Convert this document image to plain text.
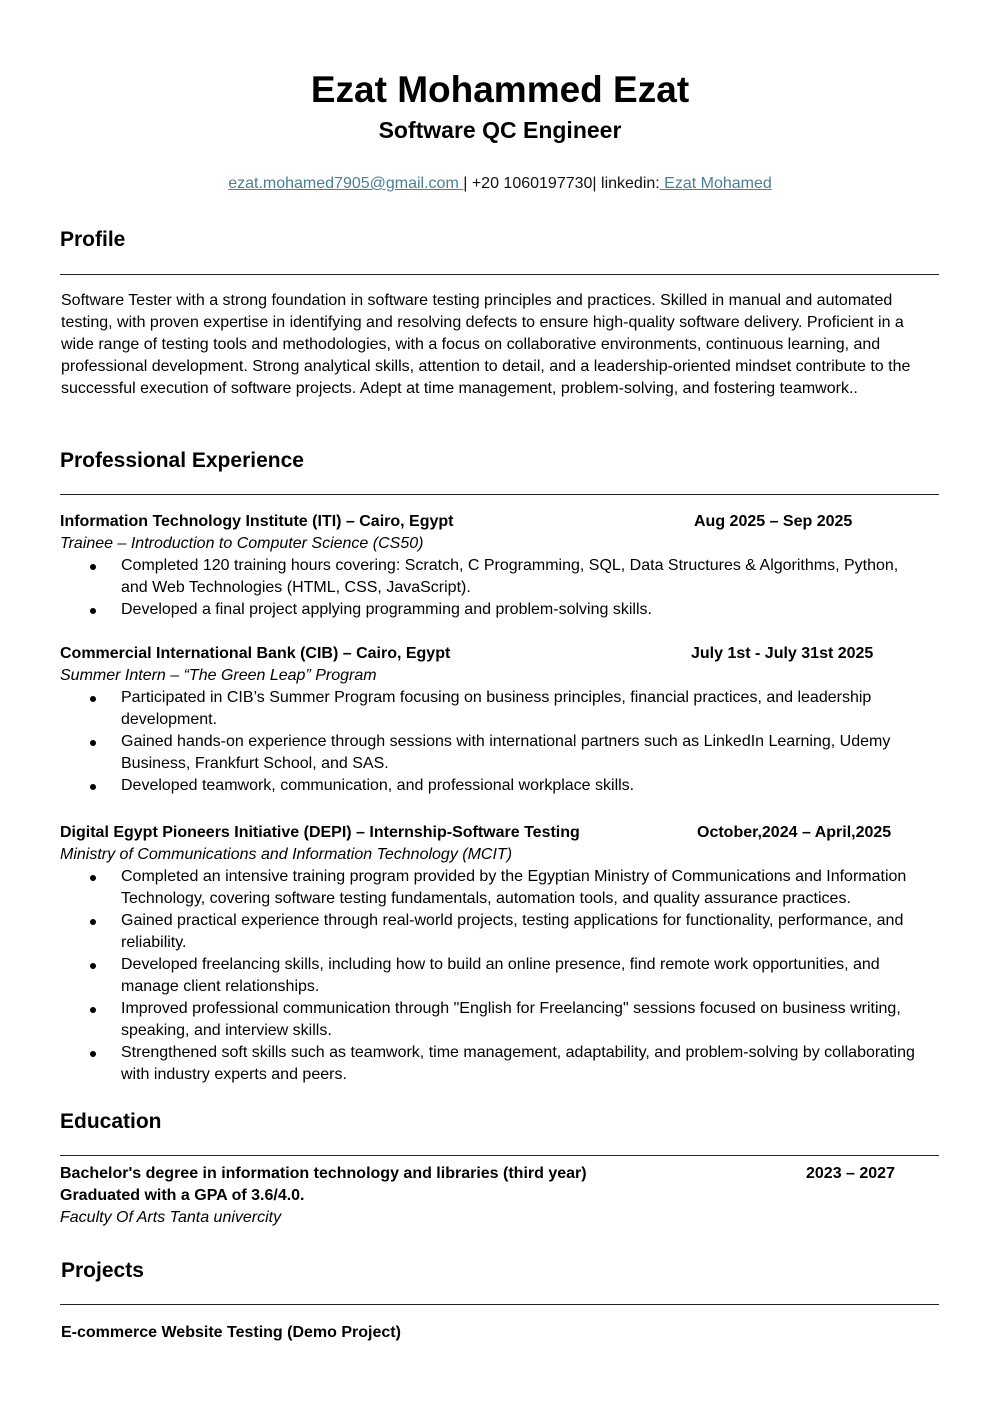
Ezat Mohammed Ezat
Software QC Engineer
ezat.mohamed7905@gmail.com | +20 1060197730| linkedin: Ezat Mohamed
Profile
Software Tester with a strong foundation in software testing principles and practices. Skilled in manual and automated testing, with proven expertise in identifying and resolving defects to ensure high-quality software delivery. Proficient in a wide range of testing tools and methodologies, with a focus on collaborative environments, continuous learning, and professional development. Strong analytical skills, attention to detail, and a leadership-oriented mindset contribute to the successful execution of software projects. Adept at time management, problem-solving, and fostering teamwork..
Professional Experience
Information Technology Institute (ITI) – Cairo, Egypt	Aug 2025 – Sep 2025
Trainee – Introduction to Computer Science (CS50)
Completed 120 training hours covering: Scratch, C Programming, SQL, Data Structures & Algorithms, Python, and Web Technologies (HTML, CSS, JavaScript).
Developed a final project applying programming and problem-solving skills.
Commercial International Bank (CIB) – Cairo, Egypt	July 1st - July 31st 2025
Summer Intern – “The Green Leap” Program
Participated in CIB’s Summer Program focusing on business principles, financial practices, and leadership development.
Gained hands-on experience through sessions with international partners such as LinkedIn Learning, Udemy Business, Frankfurt School, and SAS.
Developed teamwork, communication, and professional workplace skills.
Digital Egypt Pioneers Initiative (DEPI) – Internship-Software Testing	October,2024 – April,2025
Ministry of Communications and Information Technology (MCIT)
Completed an intensive training program provided by the Egyptian Ministry of Communications and Information Technology, covering software testing fundamentals, automation tools, and quality assurance practices.
Gained practical experience through real-world projects, testing applications for functionality, performance, and reliability.
Developed freelancing skills, including how to build an online presence, find remote work opportunities, and manage client relationships.
Improved professional communication through "English for Freelancing" sessions focused on business writing, speaking, and interview skills.
Strengthened soft skills such as teamwork, time management, adaptability, and problem-solving by collaborating with industry experts and peers.
Education
Bachelor's degree in information technology and libraries (third year)	2023 – 2027
Graduated with a GPA of 3.6/4.0.
Faculty Of Arts Tanta univercity
Projects
E-commerce Website Testing (Demo Project)
